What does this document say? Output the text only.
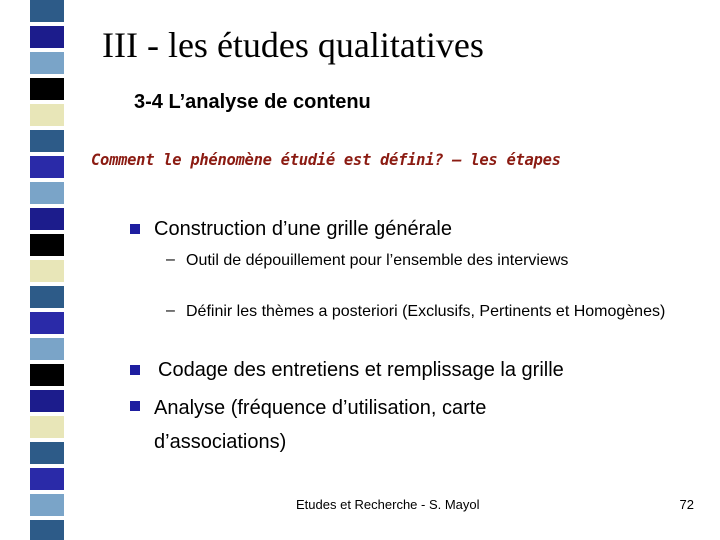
III - les études qualitatives
3-4 L’analyse de contenu
Comment le phénomène étudié est défini? – les étapes
Construction d’une grille générale
– Outil de dépouillement pour l’ensemble des interviews
– Définir les thèmes a posteriori (Exclusifs, Pertinents et Homogènes)
Codage des entretiens et remplissage la grille
Analyse (fréquence d’utilisation, carte
d’associations)
Etudes et Recherche - S. Mayol	72
